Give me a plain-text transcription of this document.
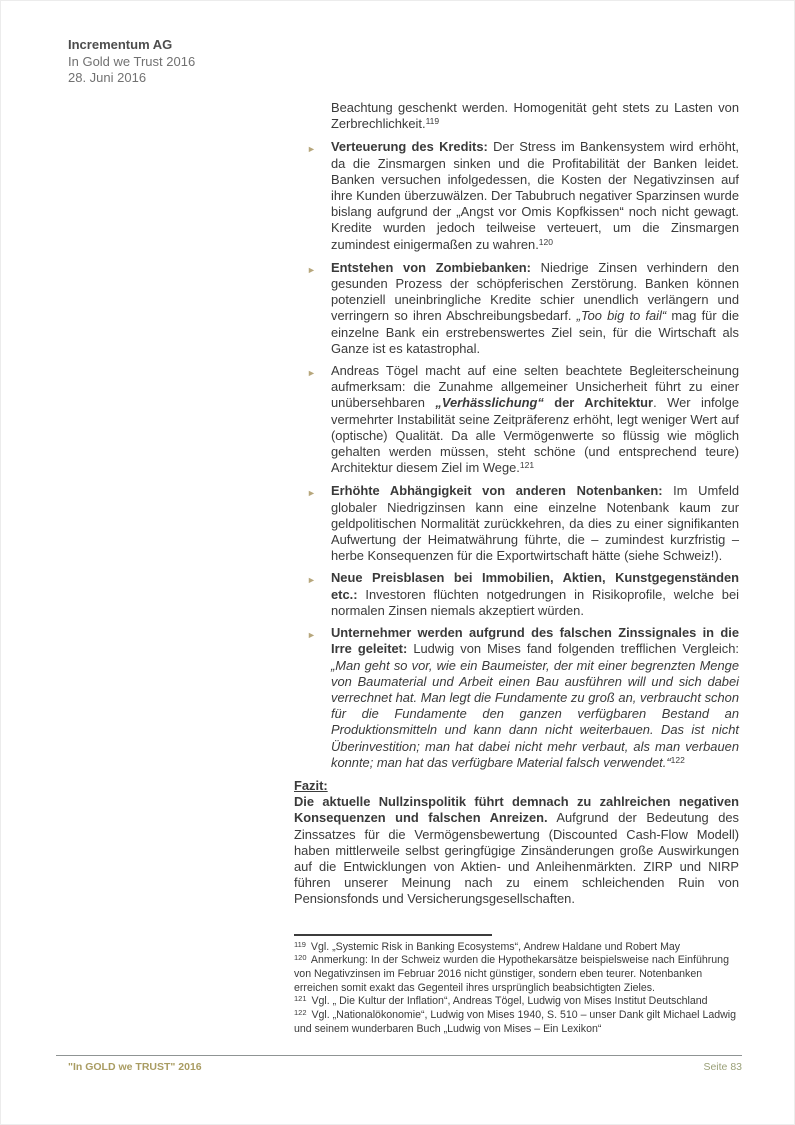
Incrementum AG
In Gold we Trust 2016
28. Juni 2016

Beachtung geschenkt werden. Homogenität geht stets zu Lasten von Zerbrechlichkeit.$^{119}$

► Verteuerung des Kredits: Der Stress im Bankensystem wird erhöht, da die Zinsmargen sinken und die Profitabilität der Banken leidet. Banken versuchen infolgedessen, die Kosten der Negativzinsen auf ihre Kunden überzuwälzen. Der Tabubruch negativer Sparzinsen wurde bislang aufgrund der „Angst vor Omis Kopfkissen“ noch nicht gewagt. Kredite wurden jedoch teilweise verteuert, um die Zinsmargen zumindest einigermaßen zu wahren.$^{120}$
► Entstehen von Zombiebanken: Niedrige Zinsen verhindern den gesunden Prozess der schöpferischen Zerstörung. Banken können potenziell uneinbringliche Kredite schier unendlich verlängern und verringern so ihren Abschreibungsbedarf. „Too big to fail“ mag für die einzelne Bank ein erstrebenswertes Ziel sein, für die Wirtschaft als Ganze ist es katastrophal.
► Andreas Tögel macht auf eine selten beachtete Begleiterscheinung aufmerksam: die Zunahme allgemeiner Unsicherheit führt zu einer unübersehbaren „Verhässlichung“ der Architektur. Wer infolge vermehrter Instabilität seine Zeitpräferenz erhöht, legt weniger Wert auf (optische) Qualität. Da alle Vermögenwerte so flüssig wie möglich gehalten werden müssen, steht schöne (und entsprechend teure) Architektur diesem Ziel im Wege.$^{121}$
► Erhöhte Abhängigkeit von anderen Notenbanken: Im Umfeld globaler Niedrigzinsen kann eine einzelne Notenbank kaum zur geldpolitischen Normalität zurückkehren, da dies zu einer signifikanten Aufwertung der Heimatwährung führte, die – zumindest kurzfristig – herbe Konsequenzen für die Exportwirtschaft hätte (siehe Schweiz!).
► Neue Preisblasen bei Immobilien, Aktien, Kunstgegenständen etc.: Investoren flüchten notgedrungen in Risikoprofile, welche bei normalen Zinsen niemals akzeptiert würden.
► Unternehmer werden aufgrund des falschen Zinssignales in die Irre geleitet: Ludwig von Mises fand folgenden trefflichen Vergleich: „Man geht so vor, wie ein Baumeister, der mit einer begrenzten Menge von Baumaterial und Arbeit einen Bau ausführen will und sich dabei verrechnet hat. Man legt die Fundamente zu groß an, verbraucht schon für die Fundamente den ganzen verfügbaren Bestand an Produktionsmitteln und kann dann nicht weiterbauen. Das ist nicht Überinvestition; man hat dabei nicht mehr verbaut, als man verbauen konnte; man hat das verfügbare Material falsch verwendet.“$^{122}$

Fazit:

Die aktuelle Nullzinspolitik führt demnach zu zahlreichen negativen Konsequenzen und falschen Anreizen. Aufgrund der Bedeutung des Zinssatzes für die Vermögensbewertung (Discounted Cash-Flow Modell) haben mittlerweile selbst geringfügige Zinsänderungen große Auswirkungen auf die Entwicklungen von Aktien- und Anleihenmärkten. ZIRP und NIRP führen unserer Meinung nach zu einem schleichenden Ruin von Pensionsfonds und Versicherungsgesellschaften.

$^{119}$ Vgl. „Systemic Risk in Banking Ecosystems“, Andrew Haldane und Robert May

$^{120}$ Anmerkung: In der Schweiz wurden die Hypothekarsätze beispielsweise nach Einführung von Negativzinsen im Februar 2016 nicht günstiger, sondern eben teurer. Notenbanken erreichen somit exakt das Gegenteil ihres ursprünglich beabsichtigten Zieles.

$^{121}$ Vgl. „ Die Kultur der Inflation“, Andreas Tögel, Ludwig von Mises Institut Deutschland

$^{122}$ Vgl. „Nationalökonomie“, Ludwig von Mises 1940, S. 510 – unser Dank gilt Michael Ladwig und seinem wunderbaren Buch „Ludwig von Mises – Ein Lexikon“

"In GOLD we TRUST" 2016	Seite 83
